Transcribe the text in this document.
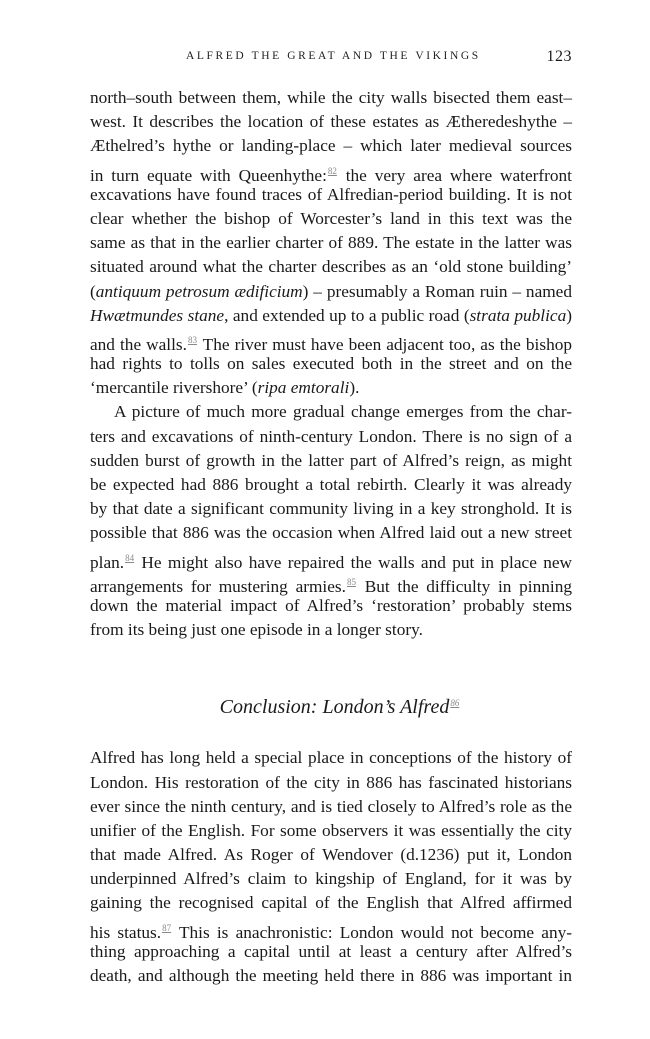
ALFRED THE GREAT AND THE VIKINGS	123
north–south between them, while the city walls bisected them east–
west. It describes the location of these estates as Ætheredeshythe –
Æthelred’s hythe or landing-place – which later medieval sources
in turn equate with Queenhythe:$^{82}$ the very area where waterfront
excavations have found traces of Alfredian-period building. It is not
clear whether the bishop of Worcester’s land in this text was the
same as that in the earlier charter of 889. The estate in the latter was
situated around what the charter describes as an ‘old stone building’
(antiquum petrosum ædificium) – presumably a Roman ruin – named
Hwætmundes stane, and extended up to a public road (strata publica)
and the walls.$^{83}$ The river must have been adjacent too, as the bishop
had rights to tolls on sales executed both in the street and on the
‘mercantile rivershore’ (ripa emtorali).
A picture of much more gradual change emerges from the char-
ters and excavations of ninth-century London. There is no sign of a
sudden burst of growth in the latter part of Alfred’s reign, as might
be expected had 886 brought a total rebirth. Clearly it was already
by that date a significant community living in a key stronghold. It is
possible that 886 was the occasion when Alfred laid out a new street
plan.$^{84}$ He might also have repaired the walls and put in place new
arrangements for mustering armies.$^{85}$ But the difficulty in pinning
down the material impact of Alfred’s ‘restoration’ probably stems
from its being just one episode in a longer story.
Conclusion: London’s Alfred$^{86}$
Alfred has long held a special place in conceptions of the history of
London. His restoration of the city in 886 has fascinated historians
ever since the ninth century, and is tied closely to Alfred’s role as the
unifier of the English. For some observers it was essentially the city
that made Alfred. As Roger of Wendover (d.1236) put it, London
underpinned Alfred’s claim to kingship of England, for it was by
gaining the recognised capital of the English that Alfred affirmed
his status.$^{87}$ This is anachronistic: London would not become any-
thing approaching a capital until at least a century after Alfred’s
death, and although the meeting held there in 886 was important in
